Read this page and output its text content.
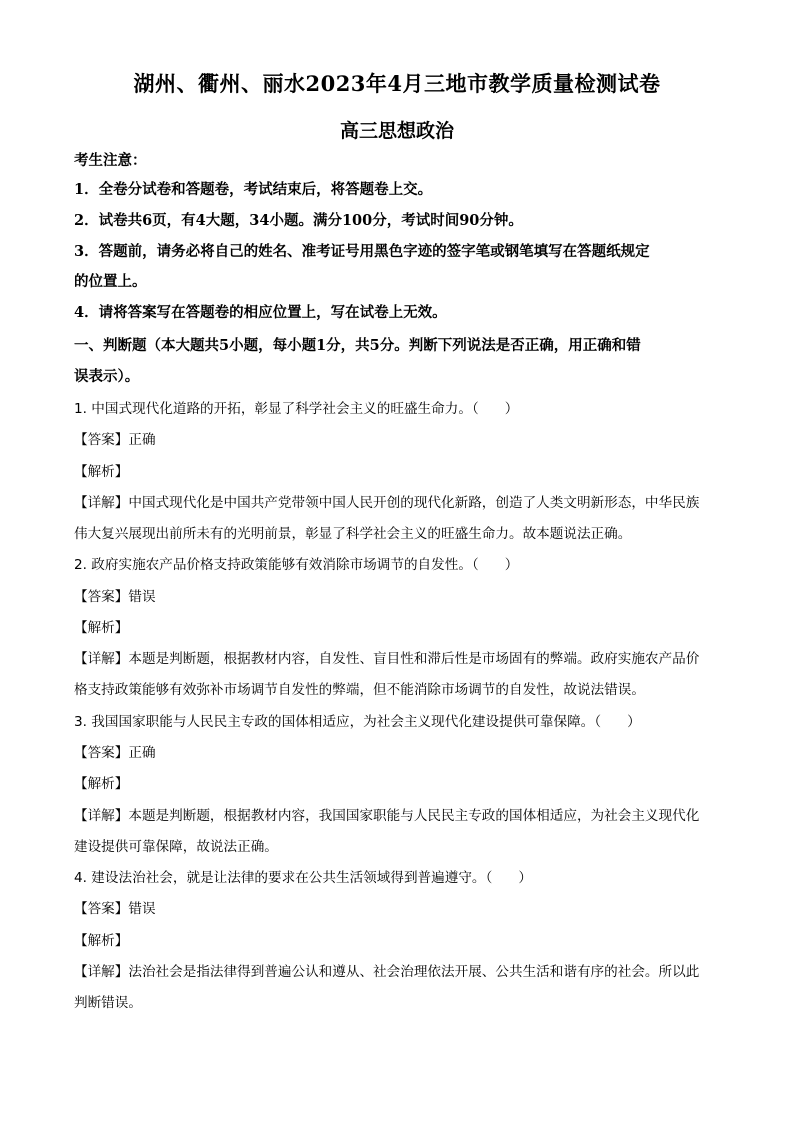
湖州、衢州、丽水2023年4月三地市教学质量检测试卷
高三思想政治
考生注意：
1．全卷分试卷和答题卷，考试结束后，将答题卷上交。
2．试卷共6页，有4大题，34小题。满分100分，考试时间90分钟。
3．答题前，请务必将自己的姓名、准考证号用黑色字迹的签字笔或钢笔填写在答题纸规定
的位置上。
4．请将答案写在答题卷的相应位置上，写在试卷上无效。
一、判断题（本大题共5小题，每小题1分，共5分。判断下列说法是否正确，用正确和错
误表示）。
1. 中国式现代化道路的开拓，彰显了科学社会主义的旺盛生命力。（ ）
【答案】正确
【解析】
【详解】中国式现代化是中国共产党带领中国人民开创的现代化新路，创造了人类文明新形态，中华民族
伟大复兴展现出前所未有的光明前景，彰显了科学社会主义的旺盛生命力。故本题说法正确。
2. 政府实施农产品价格支持政策能够有效消除市场调节的自发性。（ ）
【答案】错误
【解析】
【详解】本题是判断题，根据教材内容，自发性、盲目性和滞后性是市场固有的弊端。政府实施农产品价
格支持政策能够有效弥补市场调节自发性的弊端，但不能消除市场调节的自发性，故说法错误。
3. 我国国家职能与人民民主专政的国体相适应，为社会主义现代化建设提供可靠保障。（ ）
【答案】正确
【解析】
【详解】本题是判断题，根据教材内容，我国国家职能与人民民主专政的国体相适应，为社会主义现代化
建设提供可靠保障，故说法正确。
4. 建设法治社会，就是让法律的要求在公共生活领域得到普遍遵守。（ ）
【答案】错误
【解析】
【详解】法治社会是指法律得到普遍公认和遵从、社会治理依法开展、公共生活和谐有序的社会。所以此
判断错误。
